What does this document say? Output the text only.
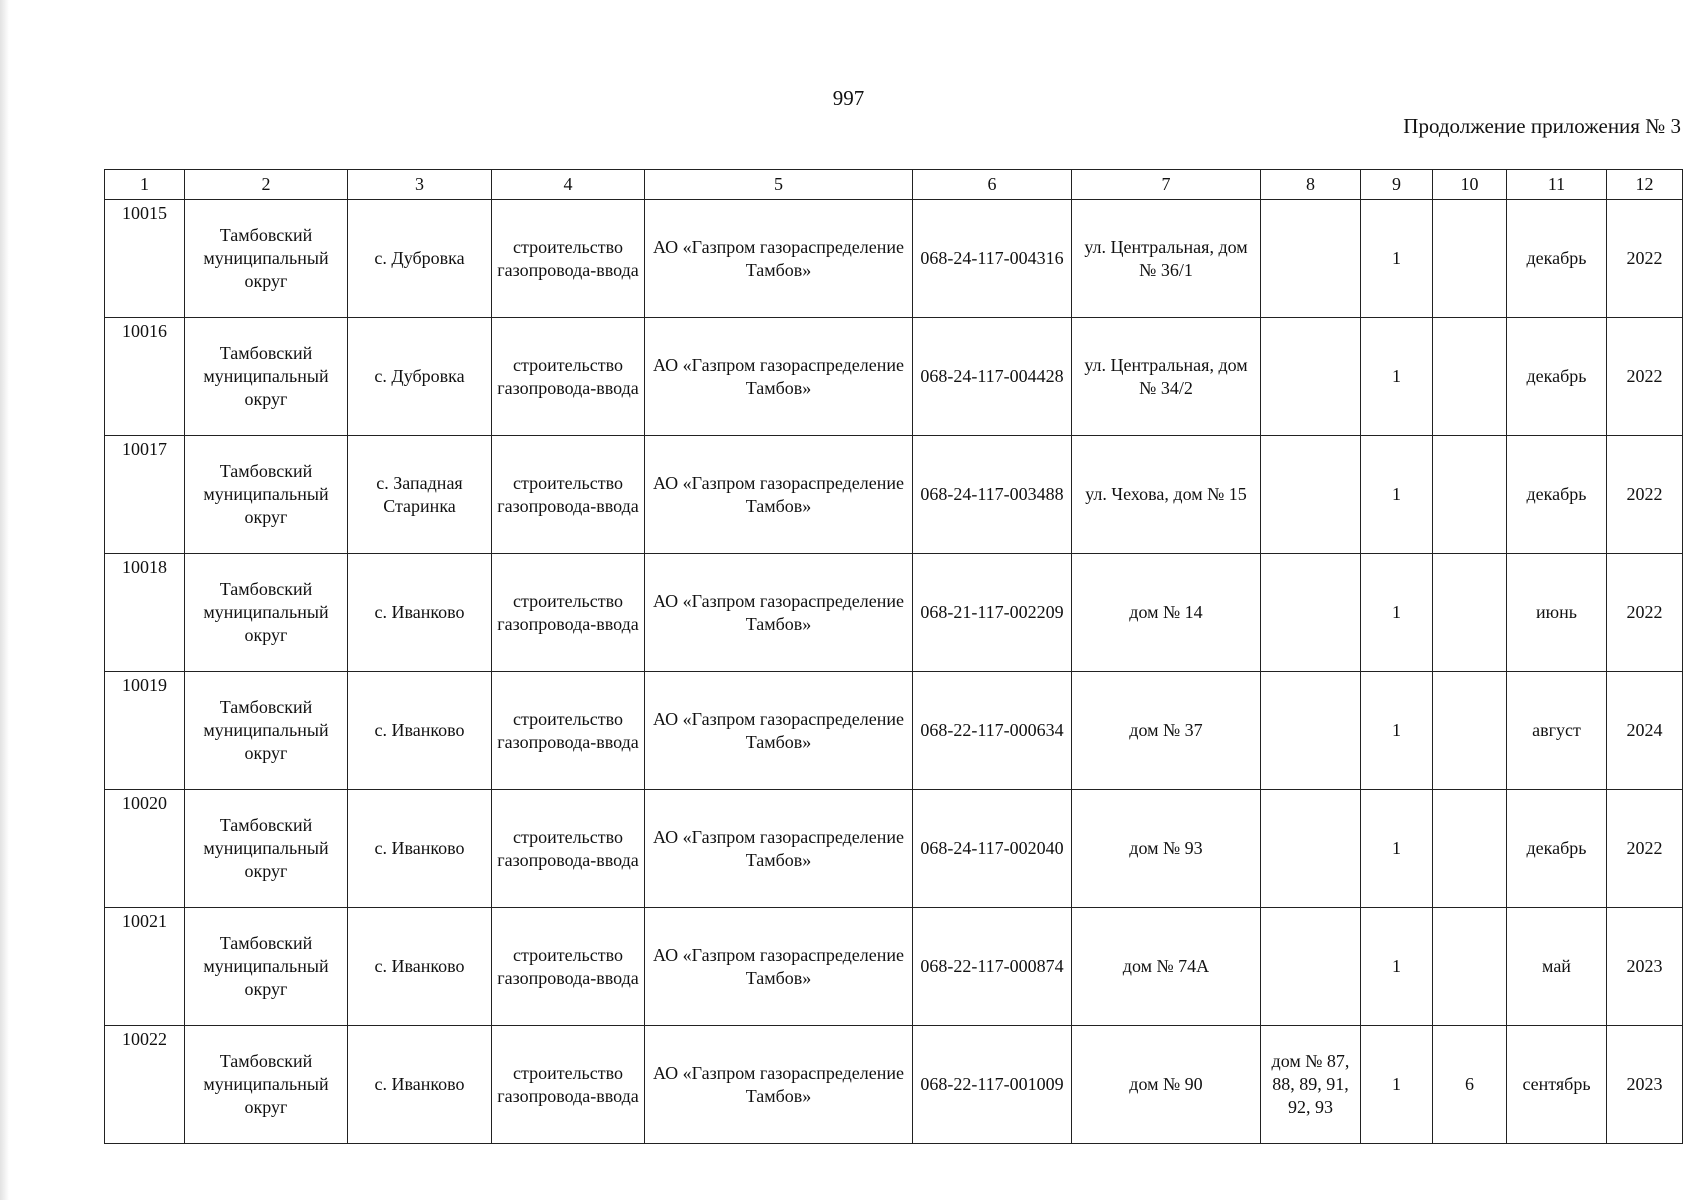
997
Продолжение приложения № 3
1	2	3	4	5	6	7	8	9	10	11	12
10015	Тамбовский муниципальный округ	с. Дубровка	строительство газопровода-ввода	АО «Газпром газораспределение Тамбов»	068-24-117-004316	ул. Центральная, дом № 36/1		1		декабрь	2022
10016	Тамбовский муниципальный округ	с. Дубровка	строительство газопровода-ввода	АО «Газпром газораспределение Тамбов»	068-24-117-004428	ул. Центральная, дом № 34/2		1		декабрь	2022
10017	Тамбовский муниципальный округ	с. Западная Старинка	строительство газопровода-ввода	АО «Газпром газораспределение Тамбов»	068-24-117-003488	ул. Чехова, дом № 15		1		декабрь	2022
10018	Тамбовский муниципальный округ	с. Иванково	строительство газопровода-ввода	АО «Газпром газораспределение Тамбов»	068-21-117-002209	дом № 14		1		июнь	2022
10019	Тамбовский муниципальный округ	с. Иванково	строительство газопровода-ввода	АО «Газпром газораспределение Тамбов»	068-22-117-000634	дом № 37		1		август	2024
10020	Тамбовский муниципальный округ	с. Иванково	строительство газопровода-ввода	АО «Газпром газораспределение Тамбов»	068-24-117-002040	дом № 93		1		декабрь	2022
10021	Тамбовский муниципальный округ	с. Иванково	строительство газопровода-ввода	АО «Газпром газораспределение Тамбов»	068-22-117-000874	дом № 74А		1		май	2023
10022	Тамбовский муниципальный округ	с. Иванково	строительство газопровода-ввода	АО «Газпром газораспределение Тамбов»	068-22-117-001009	дом № 90	дом № 87, 88, 89, 91, 92, 93	1	6	сентябрь	2023
